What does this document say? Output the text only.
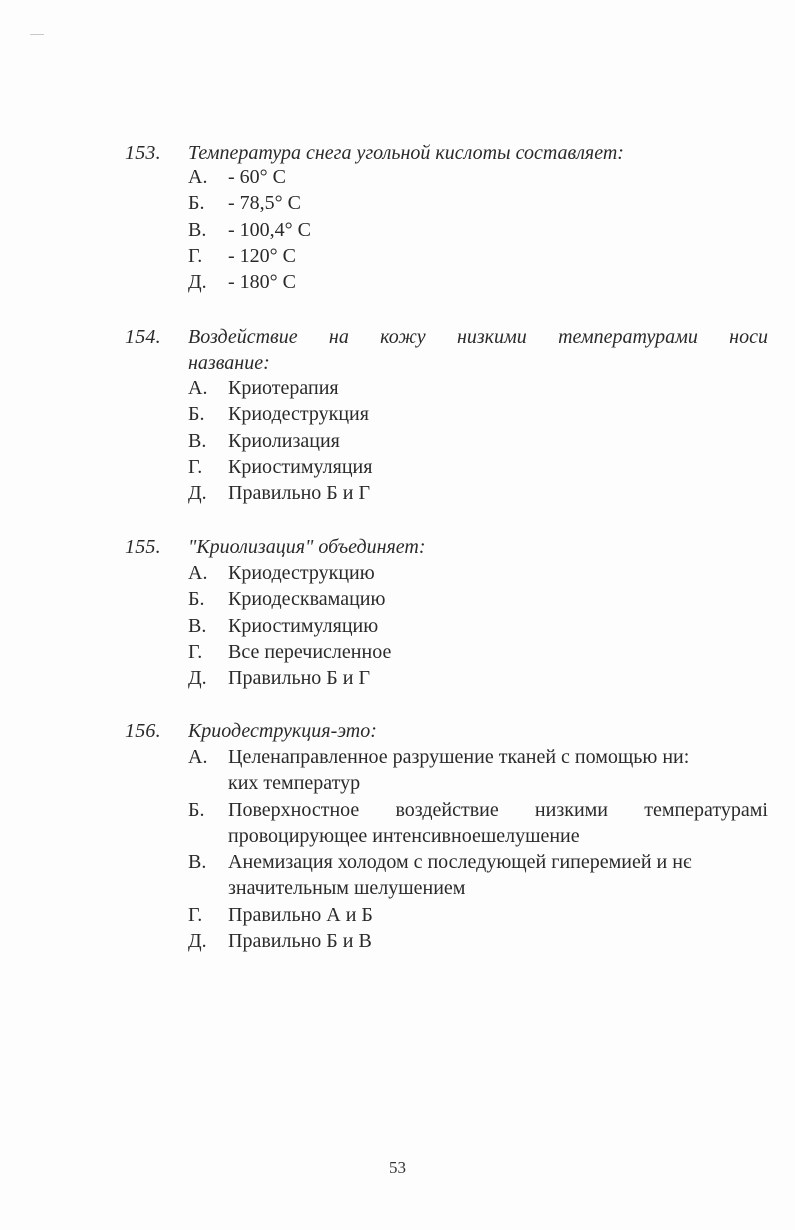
153. Температура снега угольной кислоты составляет:
А.	- 60° С
Б.	- 78,5° С
В.	- 100,4° С
Г.	- 120° С
Д.	- 180° С
154. Воздействие на кожу низкими температурами носи
название:
А.	Криотерапия
Б.	Криодеструкция
В.	Криолизация
Г.	Криостимуляция
Д.	Правильно Б и Г
155. "Криолизация" объединяет:
А.	Криодеструкцию
Б.	Криодесквамацию
В.	Криостимуляцию
Г.	Все перечисленное
Д.	Правильно Б и Г
156. Криодеструкция-это:
А.	Целенаправленное разрушение тканей с помощью ни:
ких температур
Б.	Поверхностное воздействие низкими температурамі
провоцирующее интенсивноешелушение
В.	Анемизация холодом с последующей гиперемией и нє
значительным шелушением
Г.	Правильно А и Б
Д.	Правильно Б и В
53
